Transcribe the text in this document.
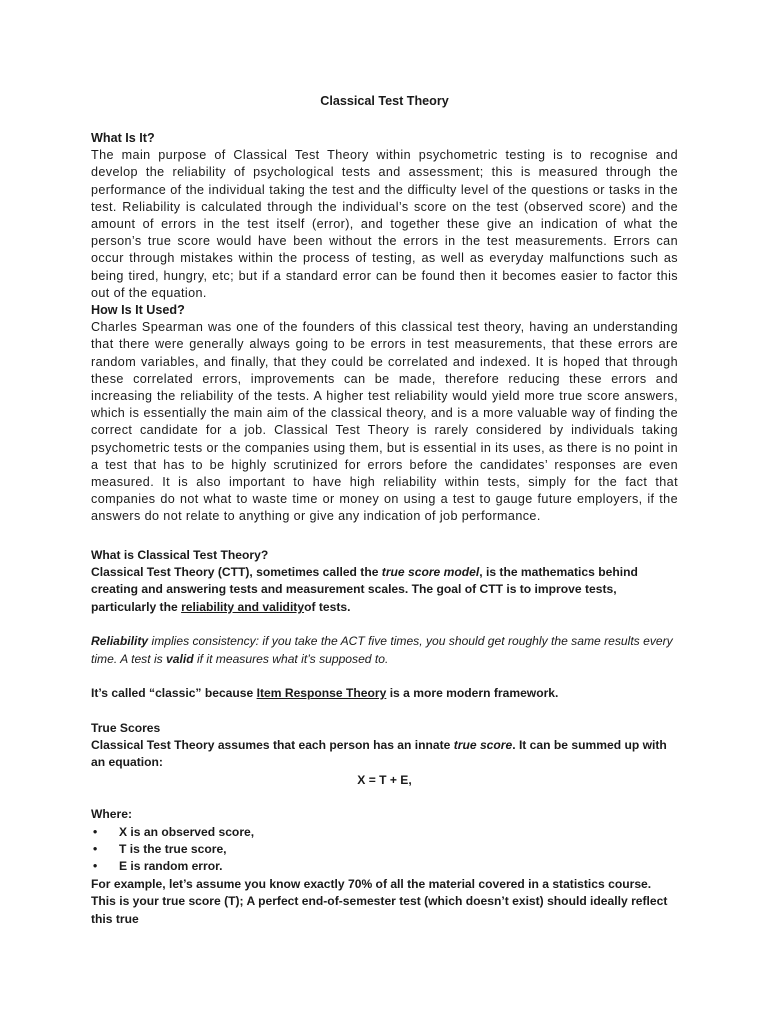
Classical Test Theory
What Is It?

The main purpose of Classical Test Theory within psychometric testing is to recognise and develop the reliability of psychological tests and assessment; this is measured through the performance of the individual taking the test and the difficulty level of the questions or tasks in the test. Reliability is calculated through the individual’s score on the test (observed score) and the amount of errors in the test itself (error), and together these give an indication of what the person’s true score would have been without the errors in the test measurements. Errors can occur through mistakes within the process of testing, as well as everyday malfunctions such as being tired, hungry, etc; but if a standard error can be found then it becomes easier to factor this out of the equation.

How Is It Used?

Charles Spearman was one of the founders of this classical test theory, having an understanding that there were generally always going to be errors in test measurements, that these errors are random variables, and finally, that they could be correlated and indexed. It is hoped that through these correlated errors, improvements can be made, therefore reducing these errors and increasing the reliability of the tests. A higher test reliability would yield more true score answers, which is essentially the main aim of the classical theory, and is a more valuable way of finding the correct candidate for a job. Classical Test Theory is rarely considered by individuals taking psychometric tests or the companies using them, but is essential in its uses, as there is no point in a test that has to be highly scrutinized for errors before the candidates’ responses are even measured. It is also important to have high reliability within tests, simply for the fact that companies do not what to waste time or money on using a test to gauge future employers, if the answers do not relate to anything or give any indication of job performance.

What is Classical Test Theory?

Classical Test Theory (CTT), sometimes called the true score model, is the mathematics behind creating and answering tests and measurement scales. The goal of CTT is to improve tests, particularly the reliability and validityof tests.

Reliability implies consistency: if you take the ACT five times, you should get roughly the same results every time. A test is valid if it measures what it’s supposed to.

It’s called “classic” because Item Response Theory is a more modern framework.

True Scores

Classical Test Theory assumes that each person has an innate true score. It can be summed up with an equation:

X = T + E,

Where:

• X is an observed score,
• T is the true score,
• E is random error.

For example, let’s assume you know exactly 70% of all the material covered in a statistics course. This is your true score (T); A perfect end-of-semester test (which doesn’t exist) should ideally reflect this true
